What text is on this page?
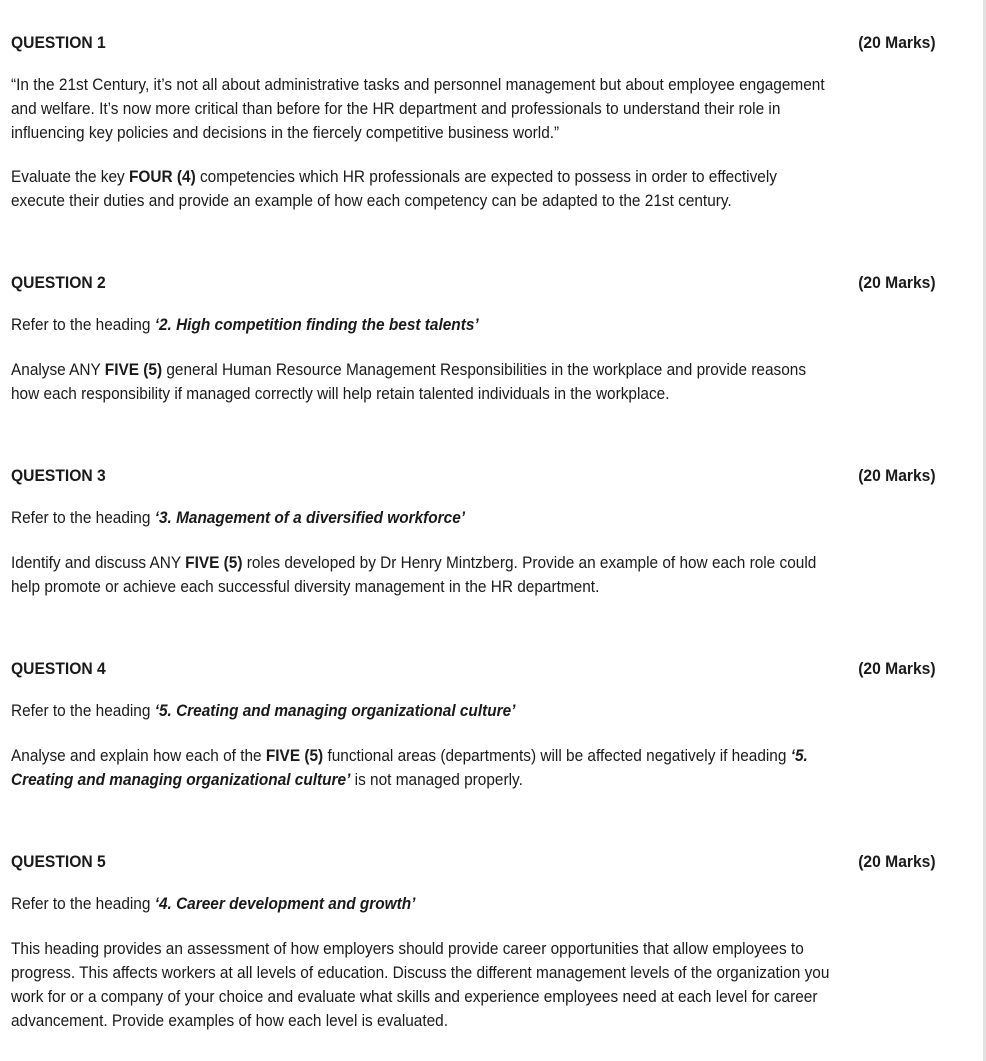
QUESTION 1	(20 Marks)

“In the 21st Century, it’s not all about administrative tasks and personnel management but about employee engagement and welfare. It’s now more critical than before for the HR department and professionals to understand their role in influencing key policies and decisions in the fiercely competitive business world.”

Evaluate the key FOUR (4) competencies which HR professionals are expected to possess in order to effectively execute their duties and provide an example of how each competency can be adapted to the 21st century.

QUESTION 2	(20 Marks)

Refer to the heading ‘2. High competition finding the best talents’

Analyse ANY FIVE (5) general Human Resource Management Responsibilities in the workplace and provide reasons how each responsibility if managed correctly will help retain talented individuals in the workplace.

QUESTION 3	(20 Marks)

Refer to the heading ‘3. Management of a diversified workforce’

Identify and discuss ANY FIVE (5) roles developed by Dr Henry Mintzberg. Provide an example of how each role could help promote or achieve each successful diversity management in the HR department.

QUESTION 4	(20 Marks)

Refer to the heading ‘5. Creating and managing organizational culture’

Analyse and explain how each of the FIVE (5) functional areas (departments) will be affected negatively if heading ‘5. Creating and managing organizational culture’ is not managed properly.

QUESTION 5	(20 Marks)

Refer to the heading ‘4. Career development and growth’

This heading provides an assessment of how employers should provide career opportunities that allow employees to progress. This affects workers at all levels of education. Discuss the different management levels of the organization you work for or a company of your choice and evaluate what skills and experience employees need at each level for career advancement. Provide examples of how each level is evaluated.
